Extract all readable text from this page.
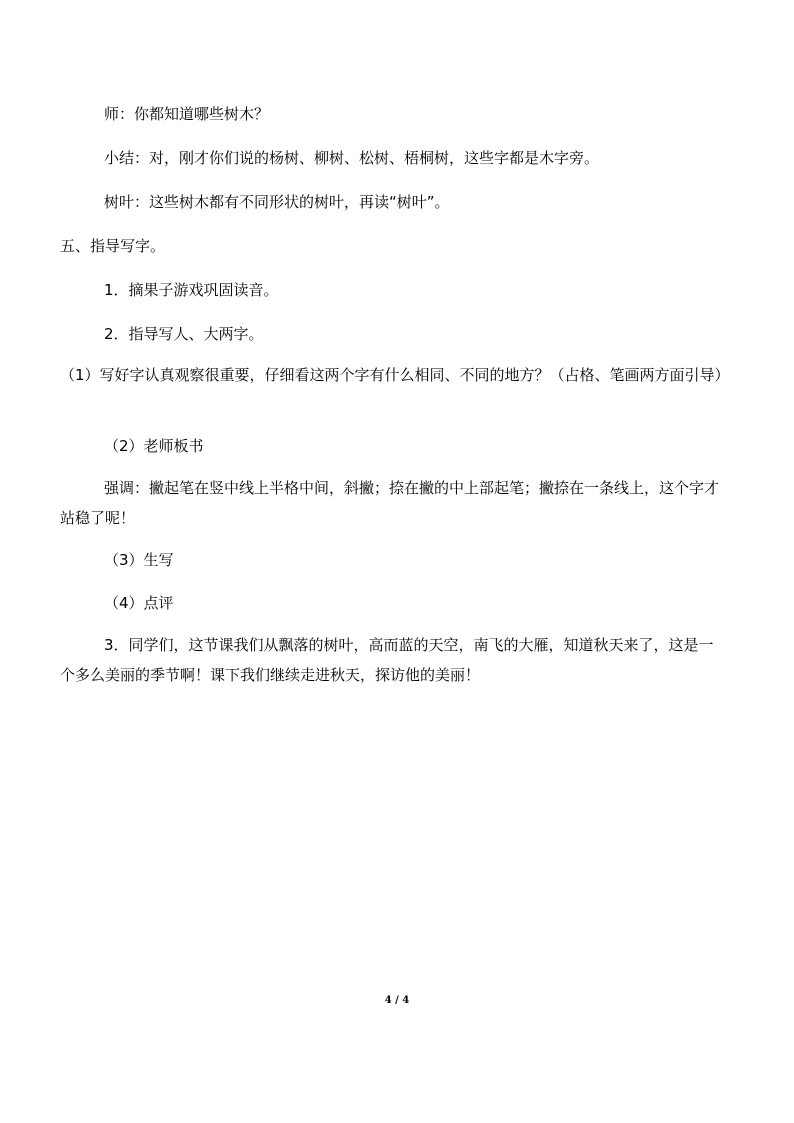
师：你都知道哪些树木？

小结：对，刚才你们说的杨树、柳树、松树、梧桐树，这些字都是木字旁。

树叶：这些树木都有不同形状的树叶，再读“树叶”。

五、指导写字。

1．摘果子游戏巩固读音。

2．指导写人、大两字。

（1）写好字认真观察很重要，仔细看这两个字有什么相同、不同的地方？（占格、笔画两方面引导）

（2）老师板书

强调：撇起笔在竖中线上半格中间，斜撇；捺在撇的中上部起笔；撇捺在一条线上，这个字才站稳了呢！

（3）生写

（4）点评

3．同学们，这节课我们从飘落的树叶，高而蓝的天空，南飞的大雁，知道秋天来了，这是一个多么美丽的季节啊！课下我们继续走进秋天，探访他的美丽！

4 / 4
